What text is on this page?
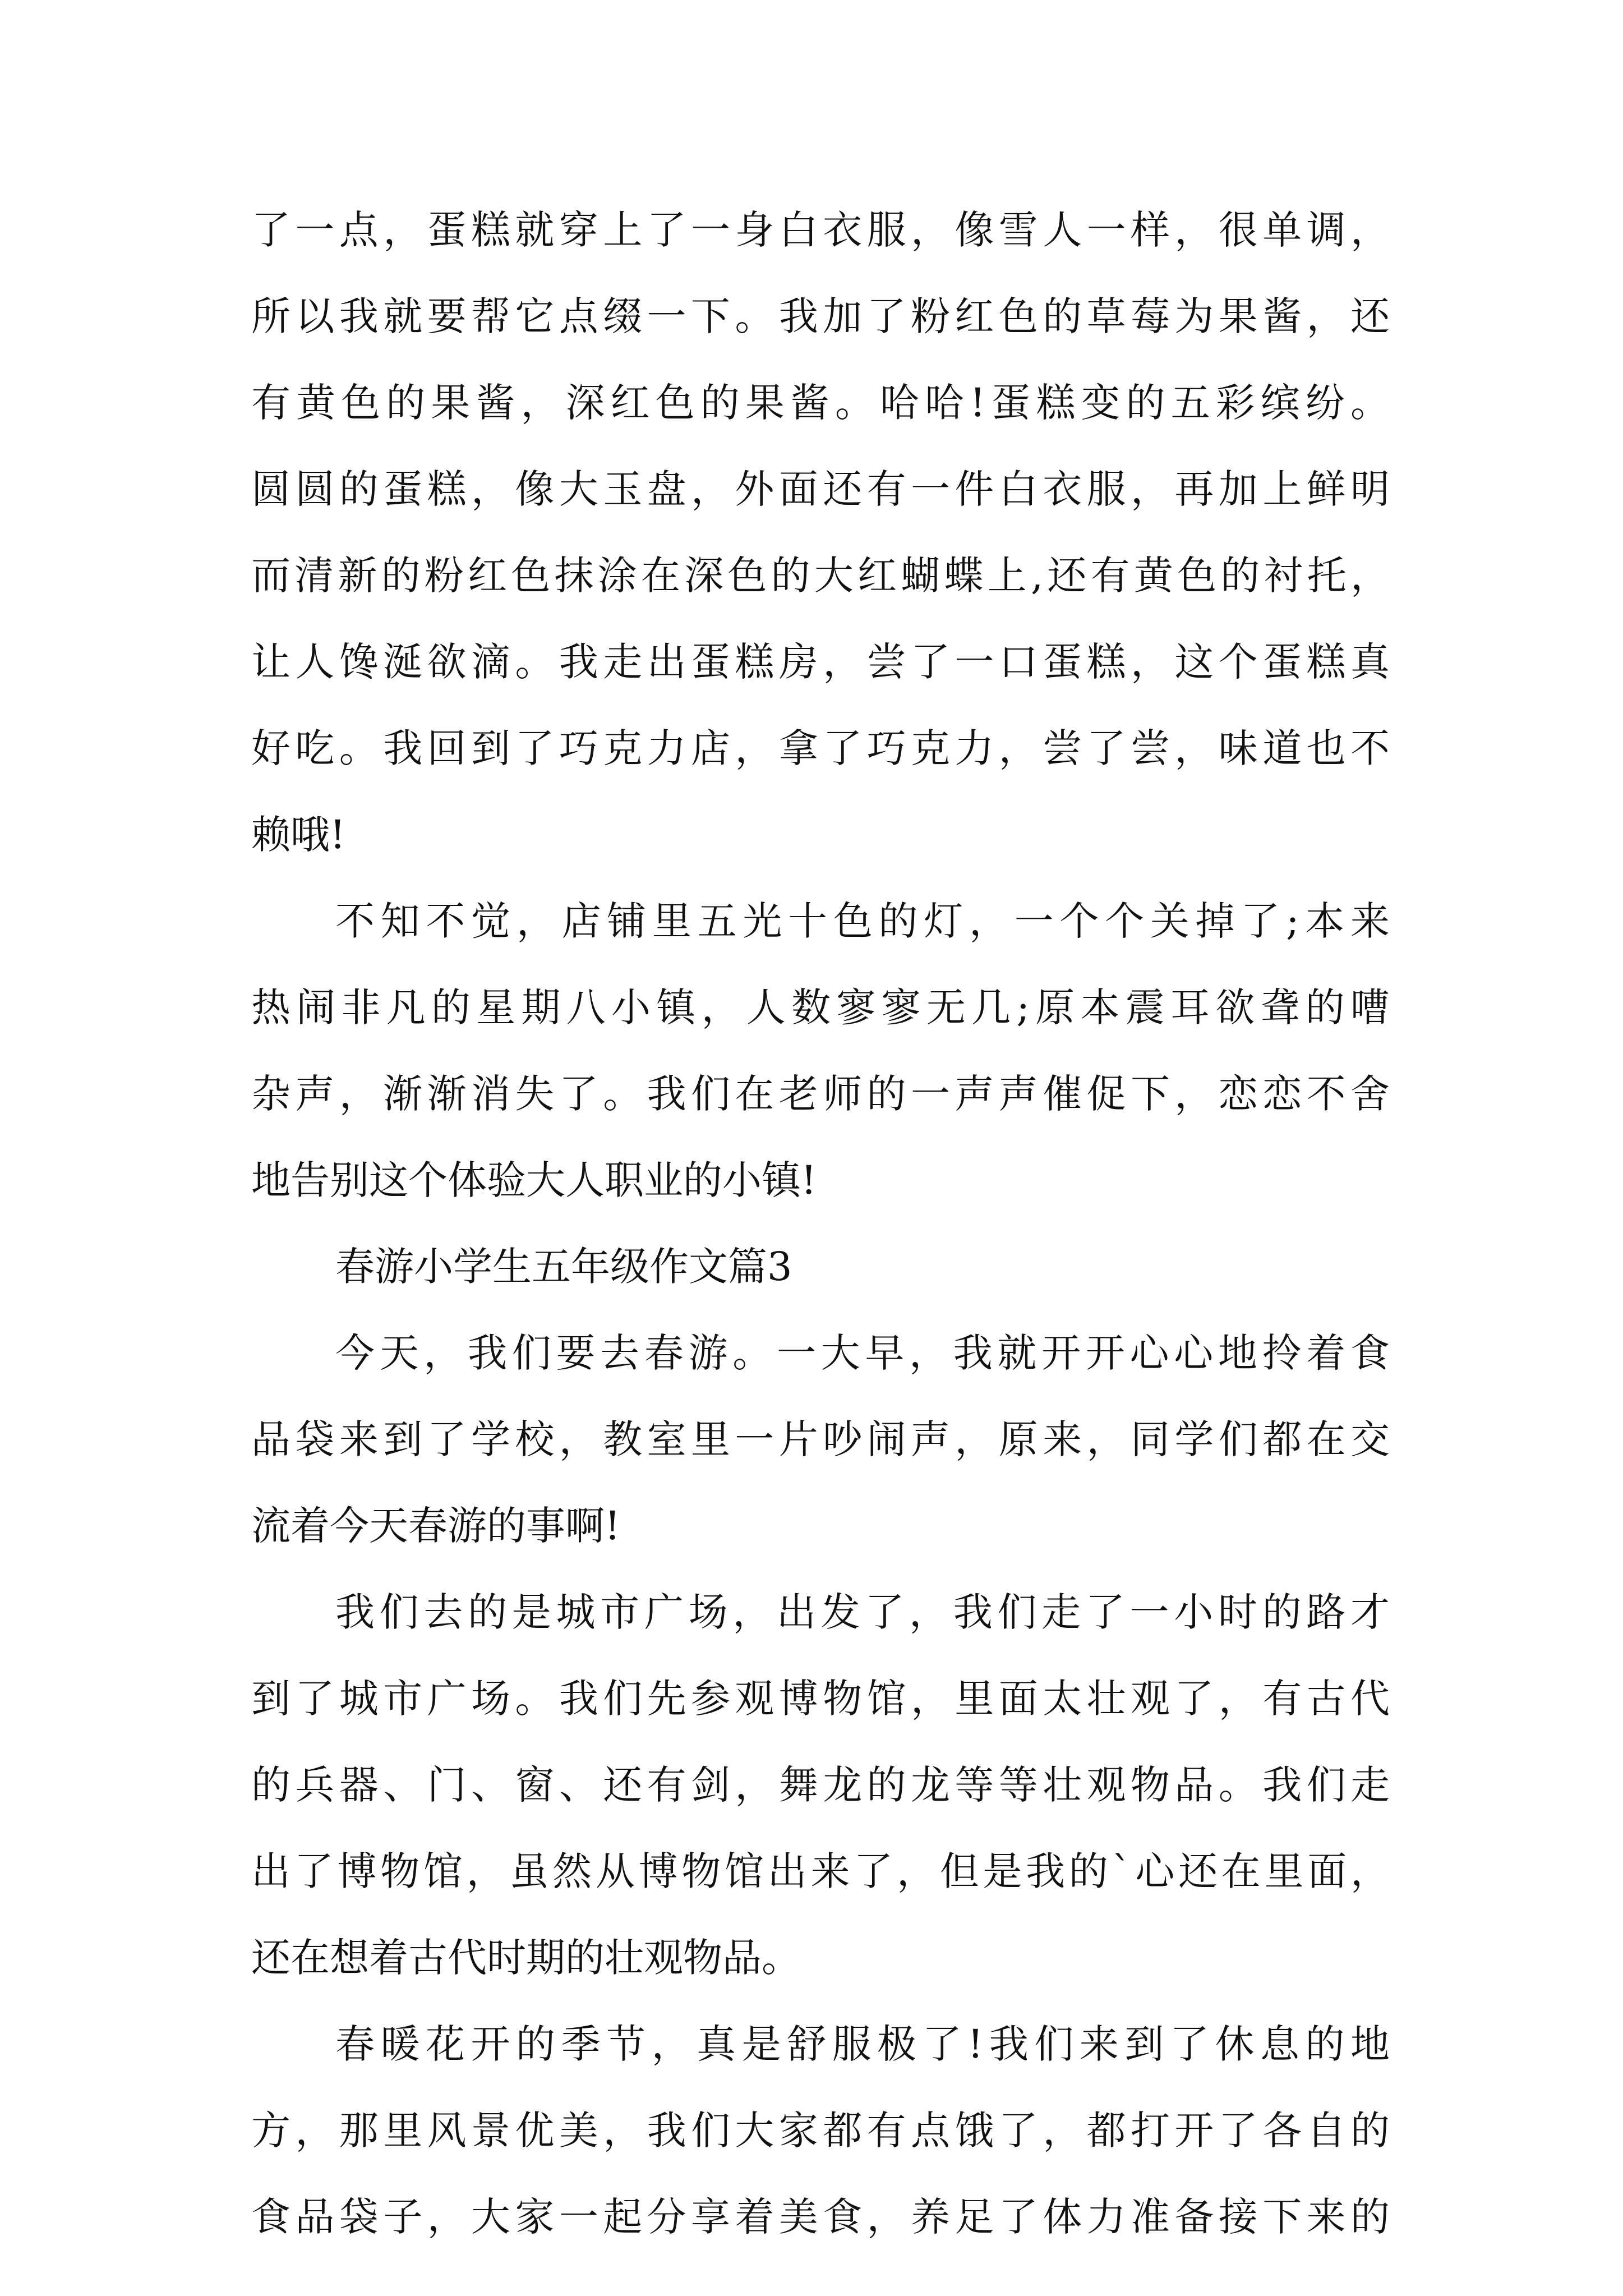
了一点，蛋糕就穿上了一身白衣服，像雪人一样，很单调，
所以我就要帮它点缀一下。我加了粉红色的草莓为果酱，还
有黄色的果酱，深红色的果酱。哈哈!蛋糕变的五彩缤纷。
圆圆的蛋糕，像大玉盘，外面还有一件白衣服，再加上鲜明
而清新的粉红色抹涂在深色的大红蝴蝶上,还有黄色的衬托，
让人馋涎欲滴。我走出蛋糕房，尝了一口蛋糕，这个蛋糕真
好吃。我回到了巧克力店，拿了巧克力，尝了尝，味道也不
赖哦!
不知不觉，店铺里五光十色的灯，一个个关掉了;本来
热闹非凡的星期八小镇，人数寥寥无几;原本震耳欲聋的嘈
杂声，渐渐消失了。我们在老师的一声声催促下，恋恋不舍
地告别这个体验大人职业的小镇!
春游小学生五年级作文篇3
今天，我们要去春游。一大早，我就开开心心地拎着食
品袋来到了学校，教室里一片吵闹声，原来，同学们都在交
流着今天春游的事啊!
我们去的是城市广场，出发了，我们走了一小时的路才
到了城市广场。我们先参观博物馆，里面太壮观了，有古代
的兵器、门、窗、还有剑，舞龙的龙等等壮观物品。我们走
出了博物馆，虽然从博物馆出来了，但是我的`心还在里面，
还在想着古代时期的壮观物品。
春暖花开的季节，真是舒服极了!我们来到了休息的地
方，那里风景优美，我们大家都有点饿了，都打开了各自的
食品袋子，大家一起分享着美食，养足了体力准备接下来的
